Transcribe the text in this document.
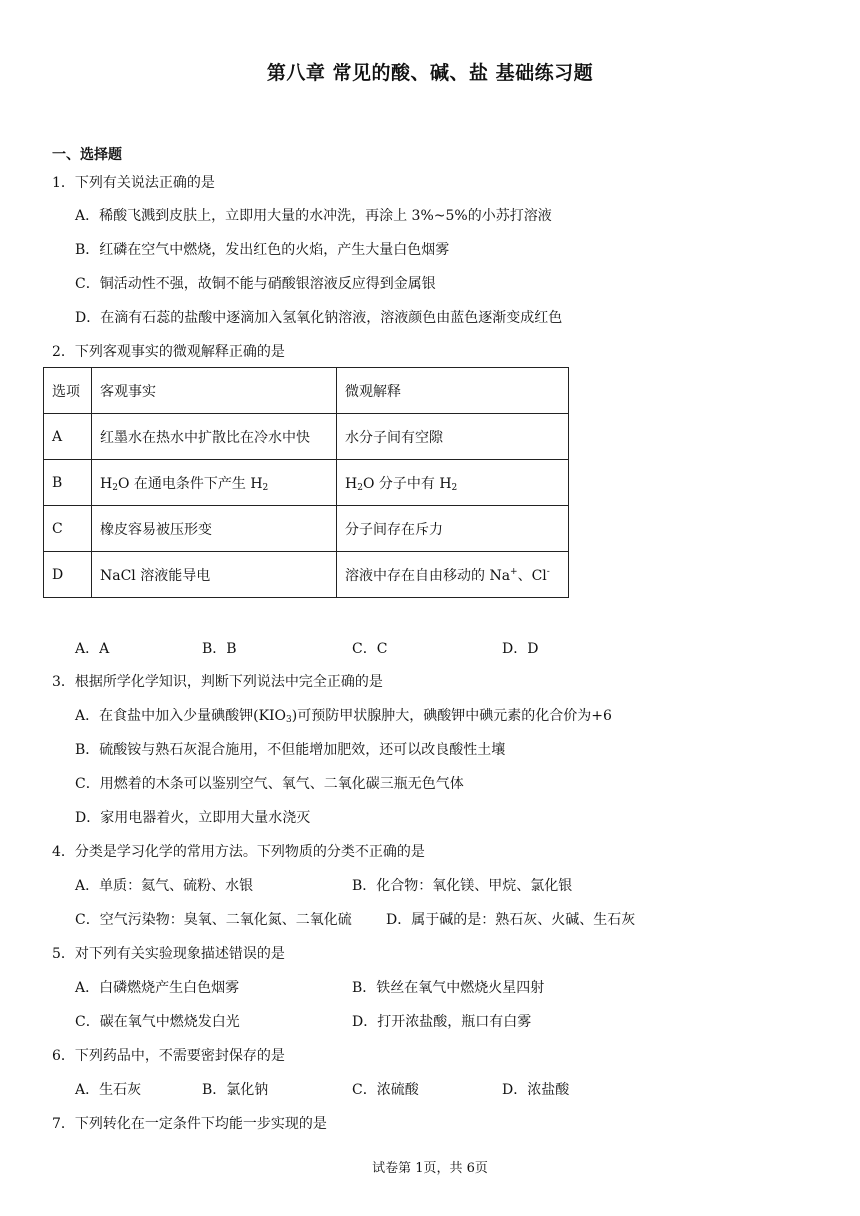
第八章 常见的酸、碱、盐 基础练习题
一、选择题
1．下列有关说法正确的是
A．稀酸飞溅到皮肤上，立即用大量的水冲洗，再涂上 3%~5%的小苏打溶液
B．红磷在空气中燃烧，发出红色的火焰，产生大量白色烟雾
C．铜活动性不强，故铜不能与硝酸银溶液反应得到金属银
D．在滴有石蕊的盐酸中逐滴加入氢氧化钠溶液，溶液颜色由蓝色逐渐变成红色
2．下列客观事实的微观解释正确的是
选项	客观事实	微观解释
A	红墨水在热水中扩散比在冷水中快	水分子间有空隙
B	$H_2O$ 在通电条件下产生 $H_2$	$H_2O$ 分子中有 $H_2$
C	橡皮容易被压形变	分子间存在斥力
D	NaCl 溶液能导电	溶液中存在自由移动的 Na+、Cl-
A．A	B．B	C．C	D．D
3．根据所学化学知识，判断下列说法中完全正确的是
A．在食盐中加入少量碘酸钾$(KIO_3)$可预防甲状腺肿大，碘酸钾中碘元素的化合价为+6
B．硫酸铵与熟石灰混合施用，不但能增加肥效，还可以改良酸性土壤
C．用燃着的木条可以鉴别空气、氧气、二氧化碳三瓶无色气体
D．家用电器着火，立即用大量水浇灭
4．分类是学习化学的常用方法。下列物质的分类不正确的是
A．单质：氦气、硫粉、水银	B．化合物：氧化镁、甲烷、氯化银
C．空气污染物：臭氧、二氧化氮、二氧化硫 D．属于碱的是：熟石灰、火碱、生石灰
5．对下列有关实验现象描述错误的是
A．白磷燃烧产生白色烟雾	B．铁丝在氧气中燃烧火星四射
C．碳在氧气中燃烧发白光	D．打开浓盐酸，瓶口有白雾
6．下列药品中，不需要密封保存的是
A．生石灰	B．氯化钠	C．浓硫酸	D．浓盐酸
7．下列转化在一定条件下均能一步实现的是
试卷第 1页，共 6页
